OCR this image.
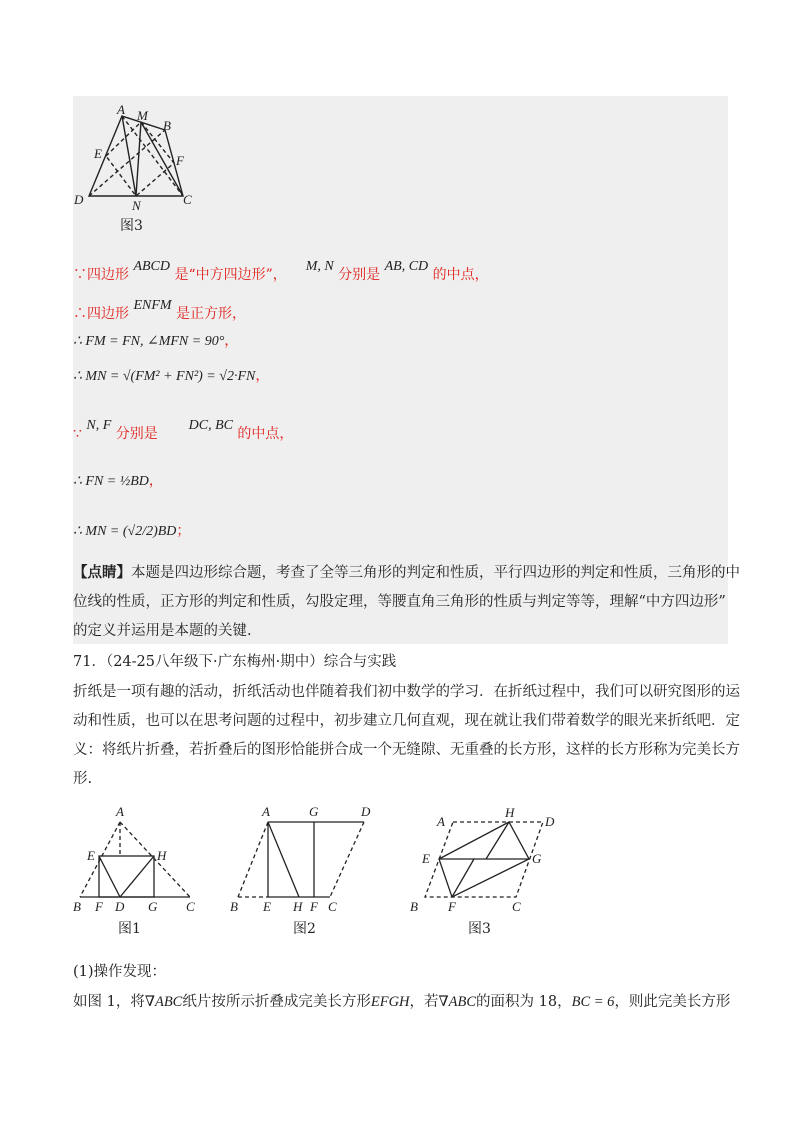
A M
B
E	F
D	N	C
图3
∵四边形 ABCD 是“中方四边形”，  M, N 分别是 AB, CD 的中点，
∴四边形 ENFM 是正方形，
∴ FM = FN, ∠MFN = 90°，
∴ MN = √(FM² + FN²) = √2·FN，
∵ N, F 分别是  DC, BC 的中点，
∴ FN = ½BD，
∴ MN = (√2/2)BD；
【点睛】本题是四边形综合题，考查了全等三角形的判定和性质，平行四边形的判定和性质，三角形的中
位线的性质，正方形的判定和性质，勾股定理，等腰直角三角形的性质与判定等等，理解“中方四边形”
的定义并运用是本题的关键.
71．（24-25八年级下·广东梅州·期中）综合与实践
折纸是一项有趣的活动，折纸活动也伴随着我们初中数学的学习．在折纸过程中，我们可以研究图形的运
动和性质，也可以在思考问题的过程中，初步建立几何直观，现在就让我们带着数学的眼光来折纸吧．定
义：将纸片折叠，若折叠后的图形恰能拼合成一个无缝隙、无重叠的长方形，这样的长方形称为完美长方
形.
A
E	H
B F D G C
图1
A	G	D
B E H F C
图2
A
H
D
E	G
B F	C
图3
(1)操作发现：
如图 1，将∇ABC纸片按所示折叠成完美长方形EFGH，若∇ABC的面积为 18，BC = 6，则此完美长方形
